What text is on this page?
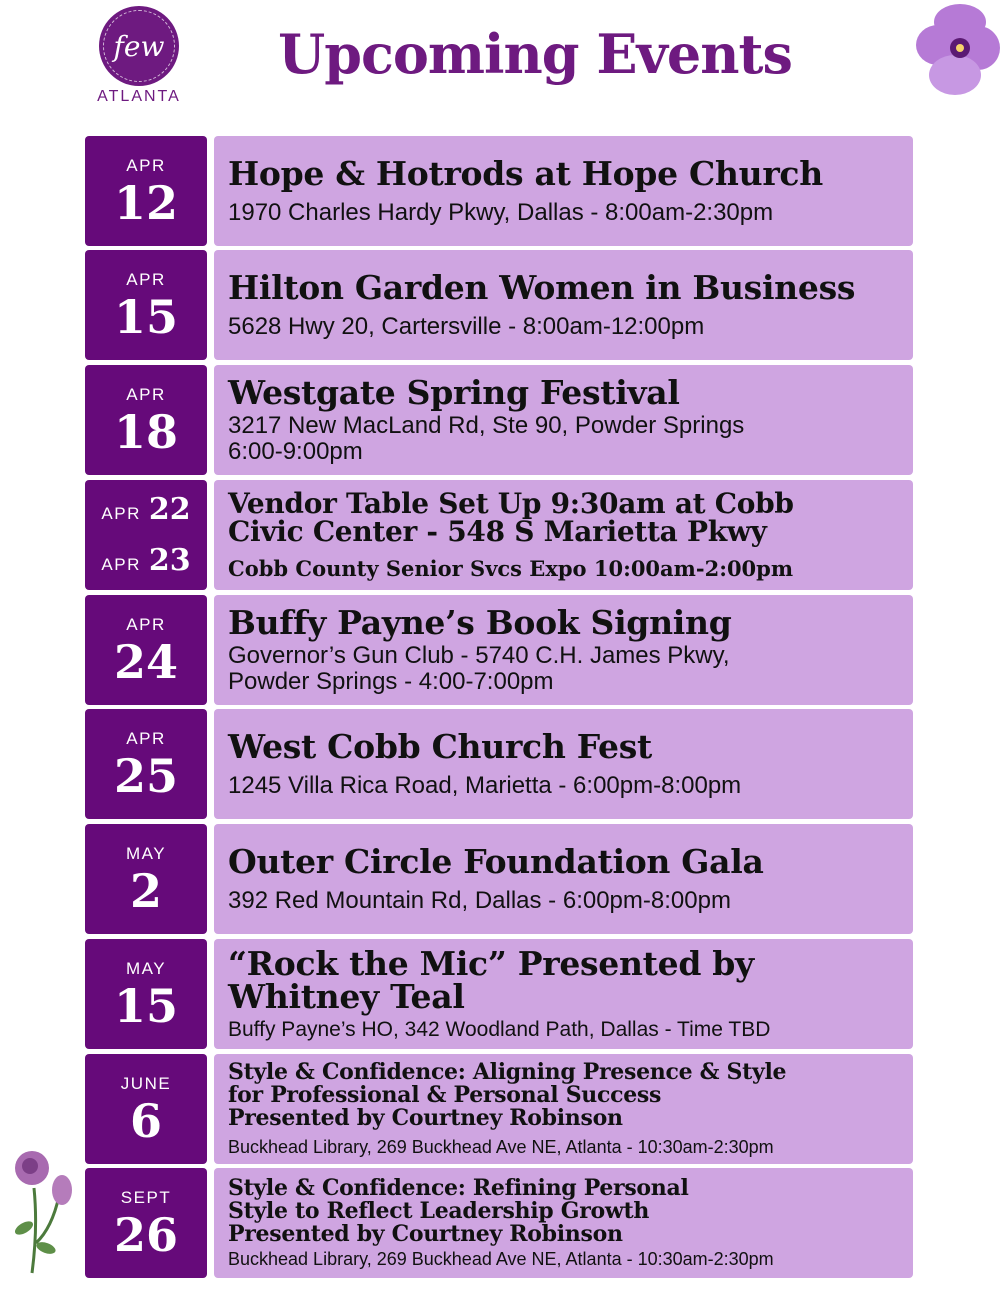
few
ATLANTA
Upcoming Events
APR
12
Hope & Hotrods at Hope Church
1970 Charles Hardy Pkwy, Dallas - 8:00am-2:30pm
APR
15
Hilton Garden Women in Business
5628 Hwy 20, Cartersville - 8:00am-12:00pm
APR
18
Westgate Spring Festival
3217 New MacLand Rd, Ste 90, Powder Springs
6:00-9:00pm
APR 22
APR 23
Vendor Table Set Up 9:30am at Cobb
Civic Center - 548 S Marietta Pkwy
Cobb County Senior Svcs Expo 10:00am-2:00pm
APR
24
Buffy Payne’s Book Signing
Governor’s Gun Club - 5740 C.H. James Pkwy,
Powder Springs - 4:00-7:00pm
APR
25
West Cobb Church Fest
1245 Villa Rica Road, Marietta - 6:00pm-8:00pm
MAY
2
Outer Circle Foundation Gala
392 Red Mountain Rd, Dallas - 6:00pm-8:00pm
MAY
15
“Rock the Mic” Presented by
Whitney Teal
Buffy Payne’s HO, 342 Woodland Path, Dallas - Time TBD
JUNE
6
Style & Confidence: Aligning Presence & Style
for Professional & Personal Success
Presented by Courtney Robinson
Buckhead Library, 269 Buckhead Ave NE, Atlanta - 10:30am-2:30pm
SEPT
26
Style & Confidence: Refining Personal
Style to Reflect Leadership Growth
Presented by Courtney Robinson
Buckhead Library, 269 Buckhead Ave NE, Atlanta - 10:30am-2:30pm
